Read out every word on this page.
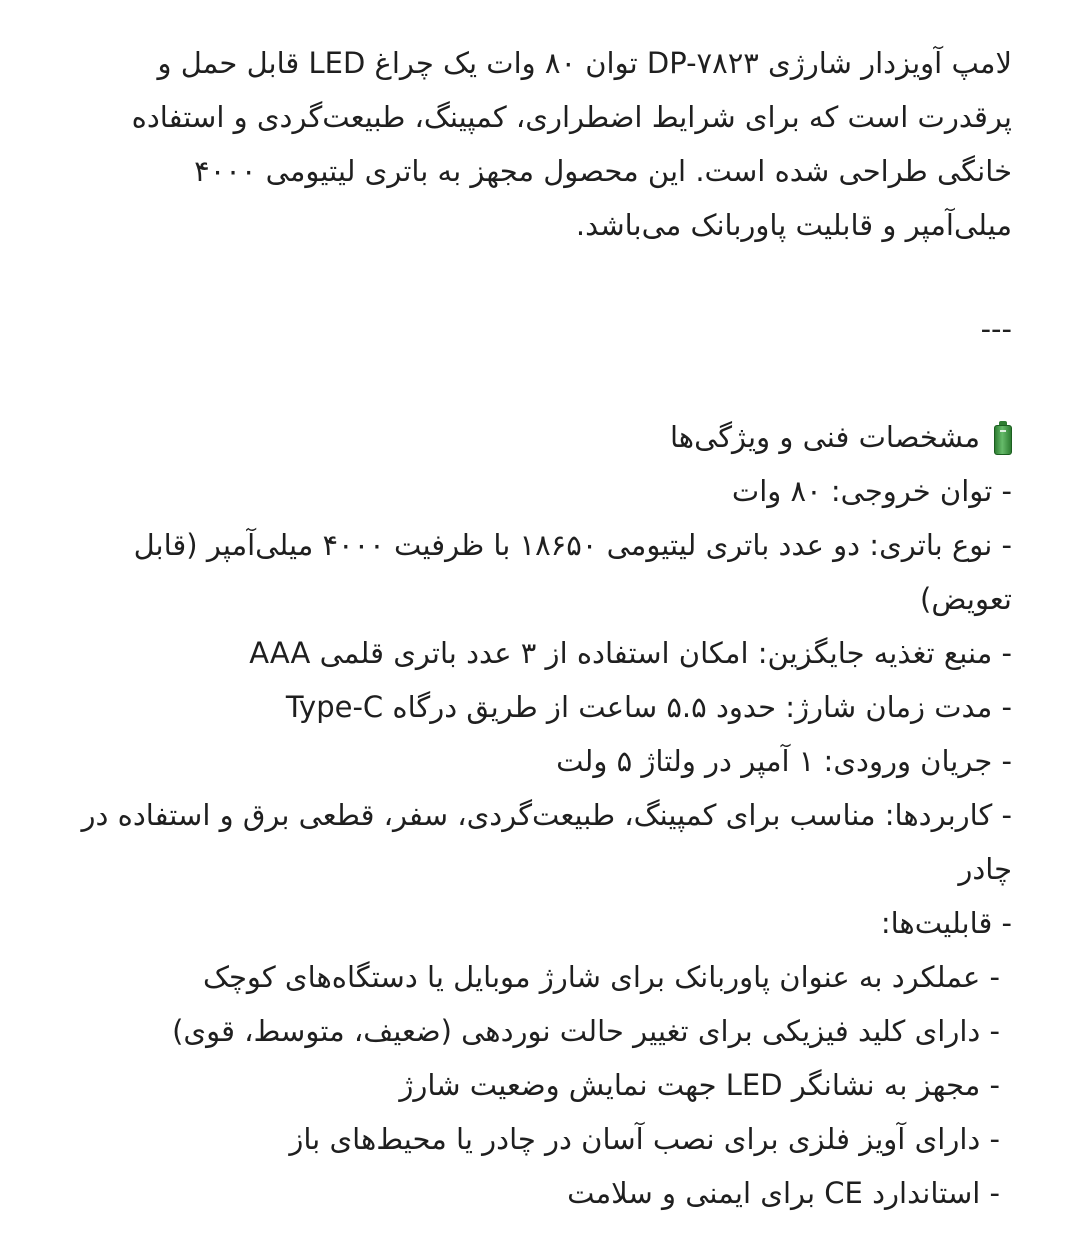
لامپ آویزدار شارژی DP-۷۸۲۳ توان ۸۰ وات یک چراغ LED قابل حمل و پرقدرت است که برای شرایط اضطراری، کمپینگ، طبیعت‌گردی و استفاده خانگی طراحی شده است. این محصول مجهز به باتری لیتیومی ۴۰۰۰ میلی‌آمپر و قابلیت پاوربانک می‌باشد.

---
مشخصات فنی و ویژگی‌ها

- توان خروجی: ۸۰ وات

- نوع باتری: دو عدد باتری لیتیومی ۱۸۶۵۰ با ظرفیت ۴۰۰۰ میلی‌آمپر (قابل تعویض)

- منبع تغذیه جایگزین: امکان استفاده از ۳ عدد باتری قلمی AAA

- مدت زمان شارژ: حدود ۵.۵ ساعت از طریق درگاه Type-C

- جریان ورودی: ۱ آمپر در ولتاژ ۵ ولت

- کاربردها: مناسب برای کمپینگ، طبیعت‌گردی، سفر، قطعی برق و استفاده در چادر

- قابلیت‌ها:

- عملکرد به عنوان پاوربانک برای شارژ موبایل یا دستگاه‌های کوچک

- دارای کلید فیزیکی برای تغییر حالت نوردهی (ضعیف، متوسط، قوی)

- مجهز به نشانگر LED جهت نمایش وضعیت شارژ

- دارای آویز فلزی برای نصب آسان در چادر یا محیط‌های باز

- استاندارد CE برای ایمنی و سلامت
